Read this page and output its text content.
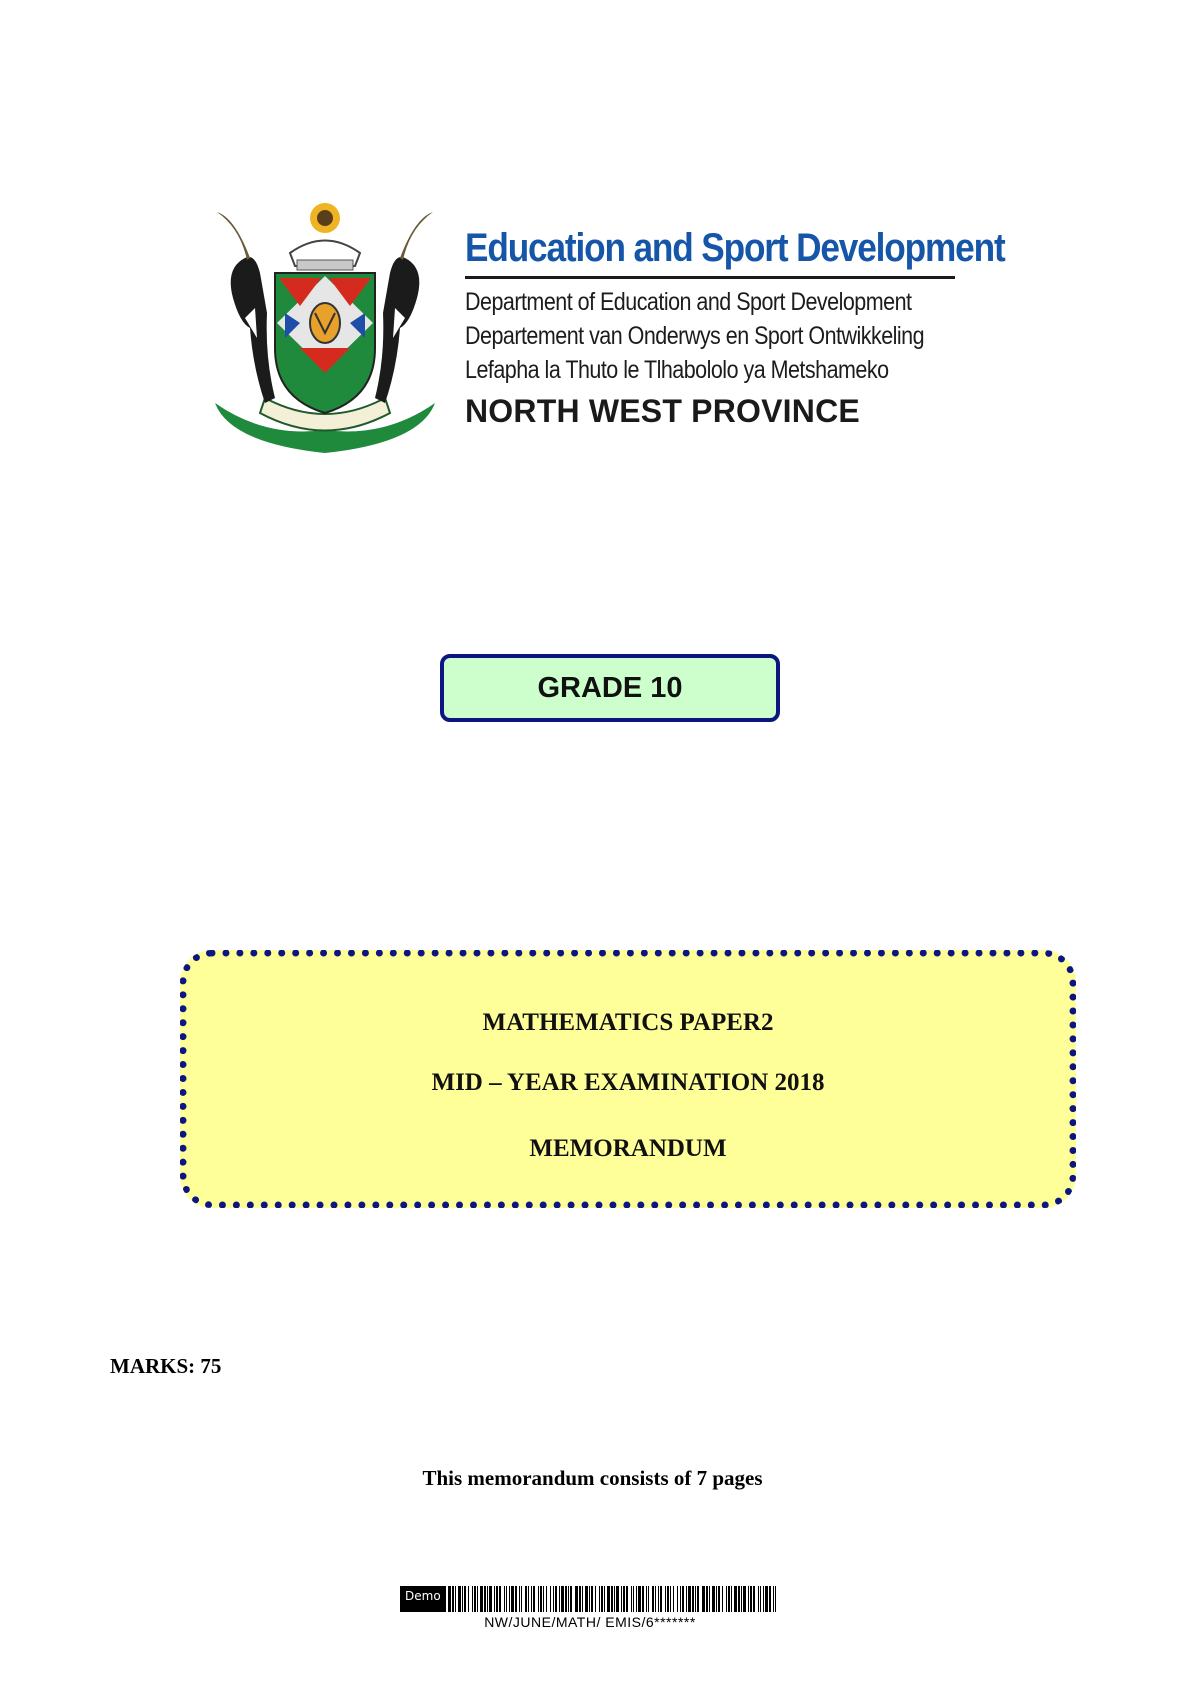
Education and Sport Development
Department of Education and Sport Development
Departement van Onderwys en Sport Ontwikkeling
Lefapha la Thuto le Tlhabololo ya Metshameko
NORTH WEST PROVINCE
GRADE 10
MATHEMATICS PAPER2
MID – YEAR EXAMINATION 2018
MEMORANDUM
MARKS: 75
This memorandum consists of 7 pages
Demo
NW/JUNE/MATH/ EMIS/6*******
